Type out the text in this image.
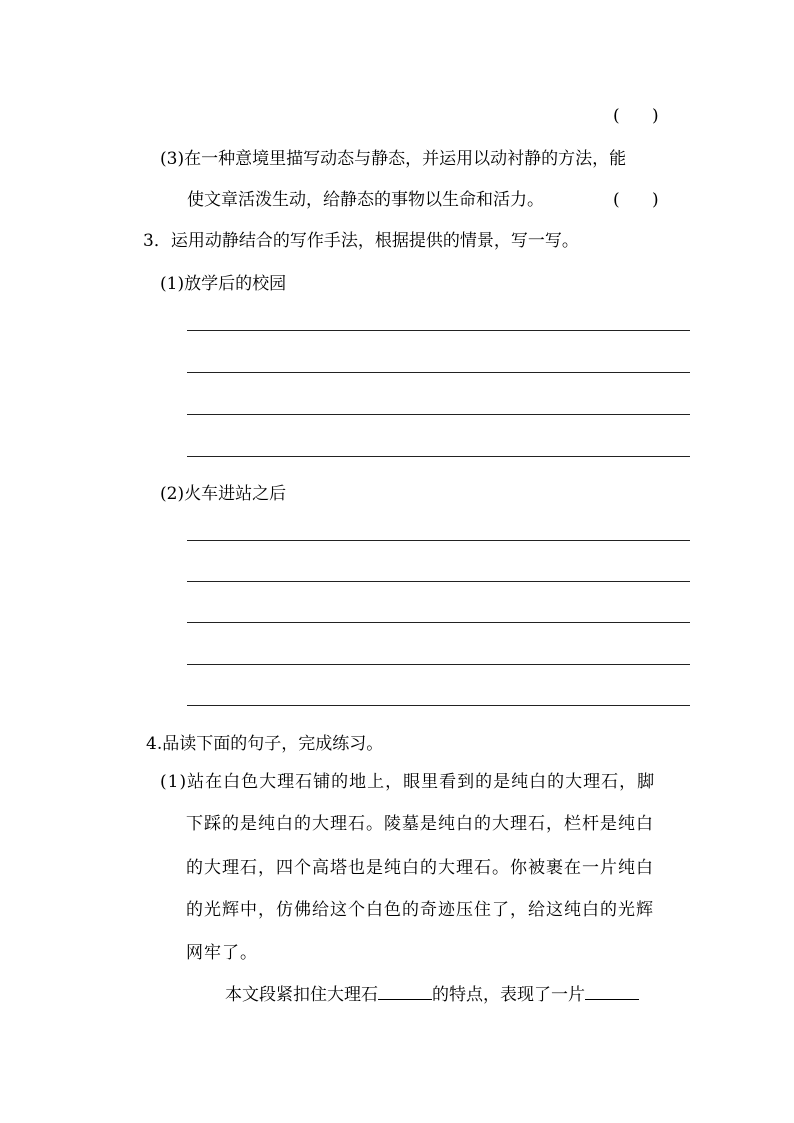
(      )
(3)在一种意境里描写动态与静态，并运用以动衬静的方法，能
使文章活泼生动，给静态的事物以生命和活力。	(      )
3．运用动静结合的写作手法，根据提供的情景，写一写。
(1)放学后的校园
(2)火车进站之后
4.品读下面的句子，完成练习。
(1)站在白色大理石铺的地上，眼里看到的是纯白的大理石，脚
下踩的是纯白的大理石。陵墓是纯白的大理石，栏杆是纯白
的大理石，四个高塔也是纯白的大理石。你被裹在一片纯白
的光辉中，仿佛给这个白色的奇迹压住了，给这纯白的光辉
网牢了。
本文段紧扣住大理石	的特点，表现了一片
